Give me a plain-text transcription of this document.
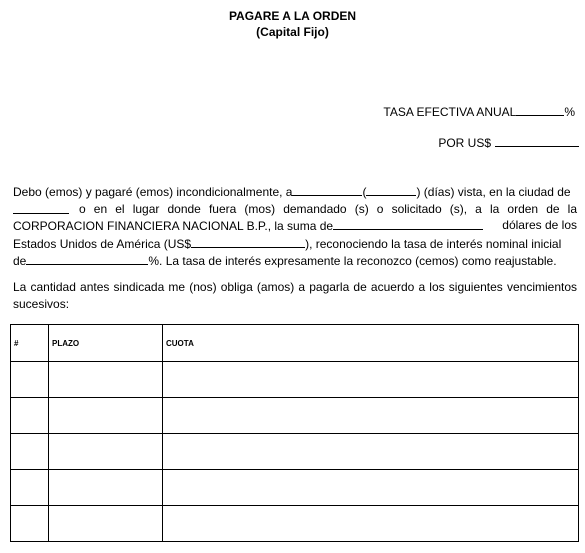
PAGARE A LA ORDEN
(Capital Fijo)
TASA EFECTIVA ANUAL	%
POR US$
Debo (emos) y pagaré (emos) incondicionalmente, a	(	) (días) vista, en la ciudad de
o en el lugar donde fuera (mos) demandado (s) o solicitado (s), a la orden de la
CORPORACION FINANCIERA NACIONAL B.P., la suma de	dólares de los
Estados Unidos de América (US$	), reconociendo la tasa de interés nominal inicial
de	%. La tasa de interés expresamente la reconozco (cemos) como reajustable.
La cantidad antes sindicada me (nos) obliga (amos) a pagarla de acuerdo a los siguientes vencimientos
sucesivos:
#	PLAZO	CUOTA
